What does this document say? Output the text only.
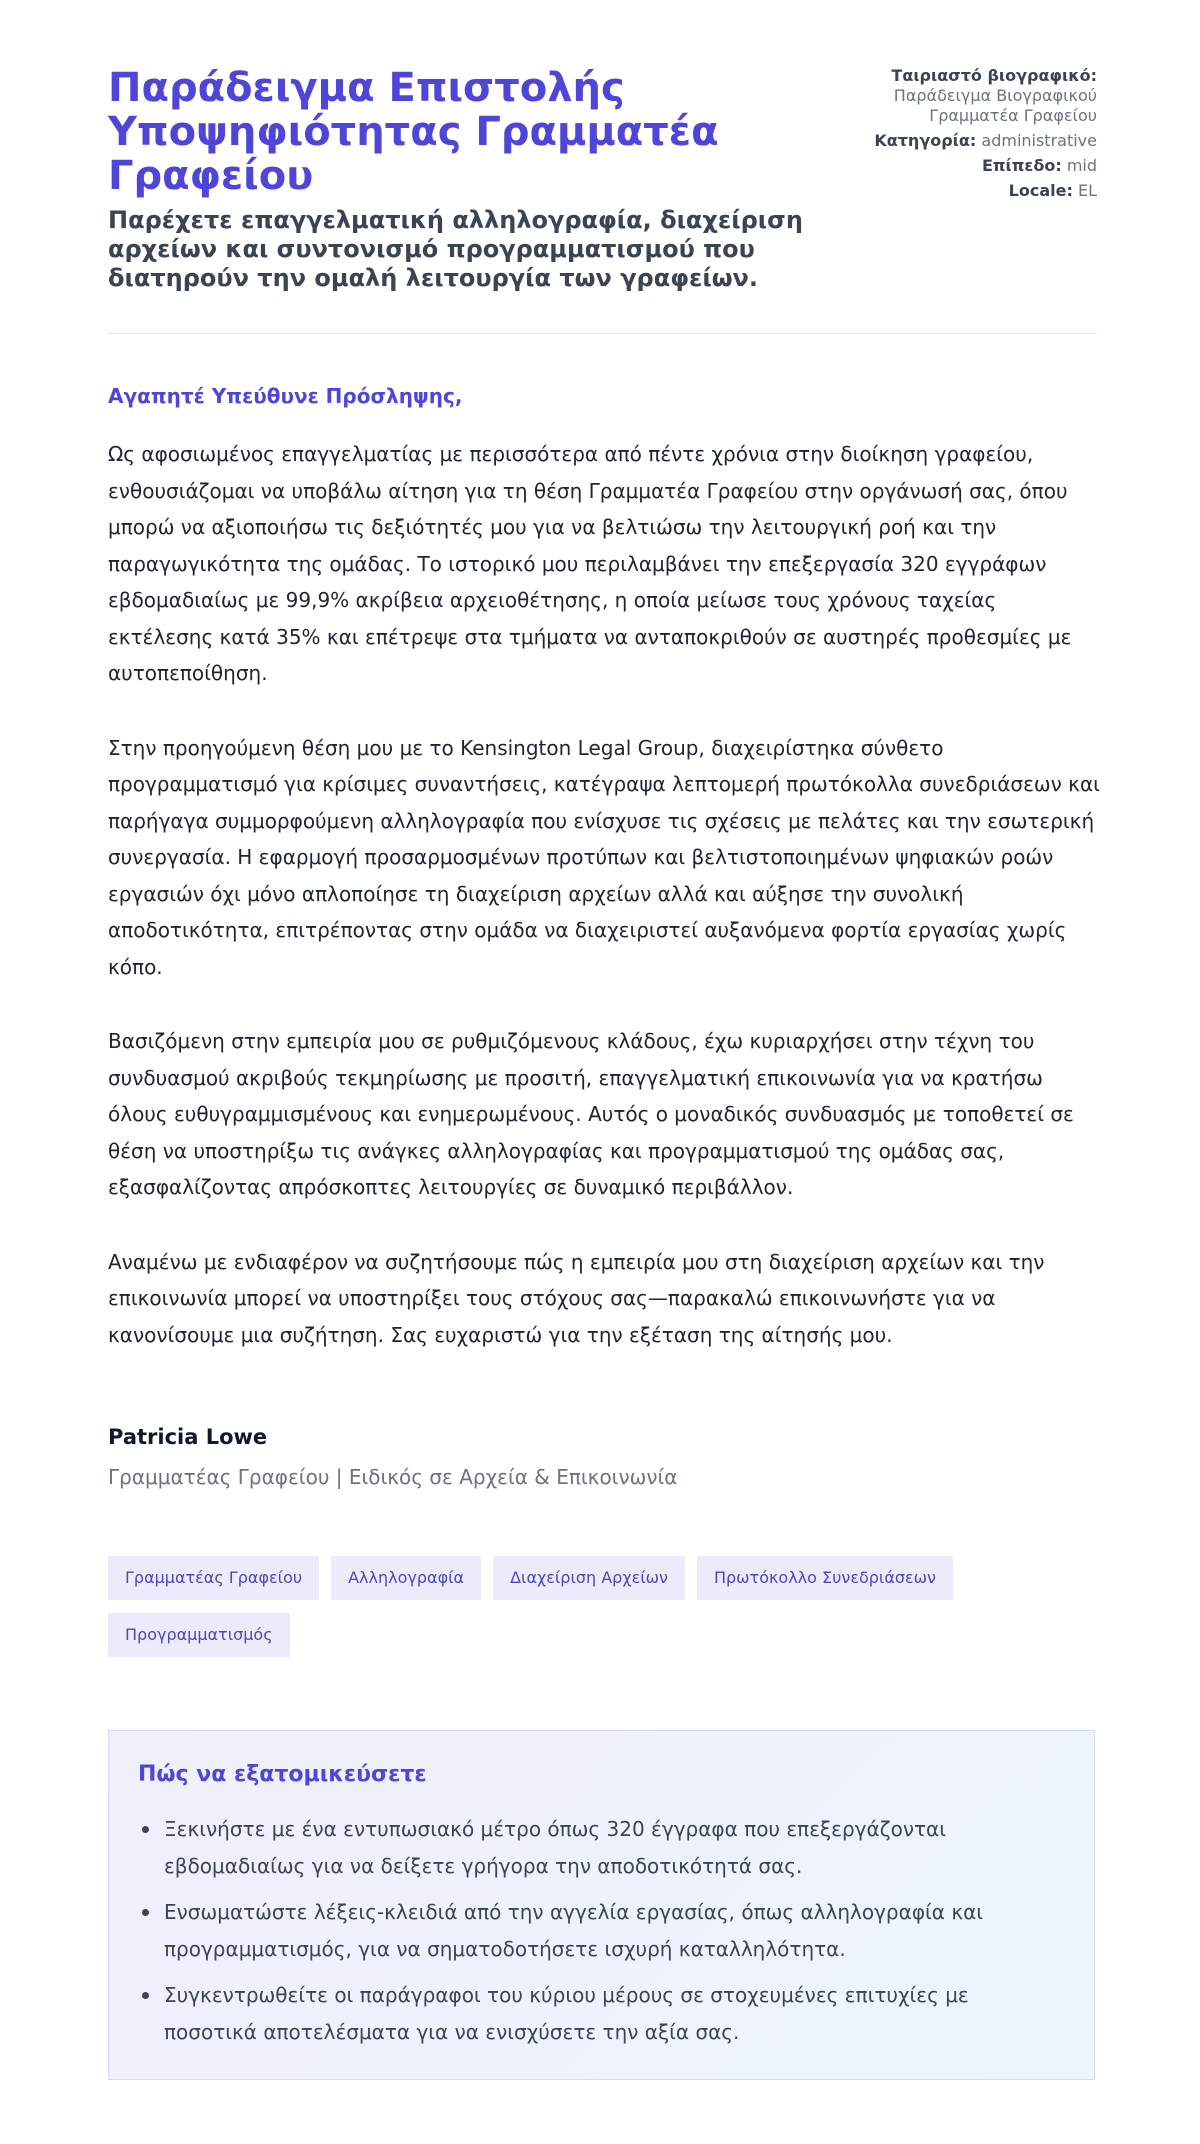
Παράδειγμα Επιστολής Υποψηφιότητας Γραμματέα Γραφείου

Παρέχετε επαγγελματική αλληλογραφία, διαχείριση αρχείων και συντονισμό προγραμματισμού που διατηρούν την ομαλή λειτουργία των γραφείων.

Ταιριαστό βιογραφικό: Παράδειγμα Βιογραφικού Γραμματέα Γραφείου
Κατηγορία: administrative
Επίπεδο: mid
Locale: EL

Αγαπητέ Υπεύθυνε Πρόσληψης,

Ως αφοσιωμένος επαγγελματίας με περισσότερα από πέντε χρόνια στην διοίκηση γραφείου, ενθουσιάζομαι να υποβάλω αίτηση για τη θέση Γραμματέα Γραφείου στην οργάνωσή σας, όπου μπορώ να αξιοποιήσω τις δεξιότητές μου για να βελτιώσω την λειτουργική ροή και την παραγωγικότητα της ομάδας. Το ιστορικό μου περιλαμβάνει την επεξεργασία 320 εγγράφων εβδομαδιαίως με 99,9% ακρίβεια αρχειοθέτησης, η οποία μείωσε τους χρόνους ταχείας εκτέλεσης κατά 35% και επέτρεψε στα τμήματα να ανταποκριθούν σε αυστηρές προθεσμίες με αυτοπεποίθηση.

Στην προηγούμενη θέση μου με το Kensington Legal Group, διαχειρίστηκα σύνθετο προγραμματισμό για κρίσιμες συναντήσεις, κατέγραψα λεπτομερή πρωτόκολλα συνεδριάσεων και παρήγαγα συμμορφούμενη αλληλογραφία που ενίσχυσε τις σχέσεις με πελάτες και την εσωτερική συνεργασία. Η εφαρμογή προσαρμοσμένων προτύπων και βελτιστοποιημένων ψηφιακών ροών εργασιών όχι μόνο απλοποίησε τη διαχείριση αρχείων αλλά και αύξησε την συνολική αποδοτικότητα, επιτρέποντας στην ομάδα να διαχειριστεί αυξανόμενα φορτία εργασίας χωρίς κόπο.

Βασιζόμενη στην εμπειρία μου σε ρυθμιζόμενους κλάδους, έχω κυριαρχήσει στην τέχνη του συνδυασμού ακριβούς τεκμηρίωσης με προσιτή, επαγγελματική επικοινωνία για να κρατήσω όλους ευθυγραμμισμένους και ενημερωμένους. Αυτός ο μοναδικός συνδυασμός με τοποθετεί σε θέση να υποστηρίξω τις ανάγκες αλληλογραφίας και προγραμματισμού της ομάδας σας, εξασφαλίζοντας απρόσκοπτες λειτουργίες σε δυναμικό περιβάλλον.

Αναμένω με ενδιαφέρον να συζητήσουμε πώς η εμπειρία μου στη διαχείριση αρχείων και την επικοινωνία μπορεί να υποστηρίξει τους στόχους σας—παρακαλώ επικοινωνήστε για να κανονίσουμε μια συζήτηση. Σας ευχαριστώ για την εξέταση της αίτησής μου.

Patricia Lowe

Γραμματέας Γραφείου | Ειδικός σε Αρχεία & Επικοινωνία

Γραμματέας Γραφείου	Αλληλογραφία	Διαχείριση Αρχείων	Πρωτόκολλο Συνεδριάσεων
Προγραμματισμός
Πώς να εξατομικεύσετε
Ξεκινήστε με ένα εντυπωσιακό μέτρο όπως 320 έγγραφα που επεξεργάζονται εβδομαδιαίως για να δείξετε γρήγορα την αποδοτικότητά σας.
Ενσωματώστε λέξεις-κλειδιά από την αγγελία εργασίας, όπως αλληλογραφία και προγραμματισμός, για να σηματοδοτήσετε ισχυρή καταλληλότητα.
Συγκεντρωθείτε οι παράγραφοι του κύριου μέρους σε στοχευμένες επιτυχίες με ποσοτικά αποτελέσματα για να ενισχύσετε την αξία σας.
